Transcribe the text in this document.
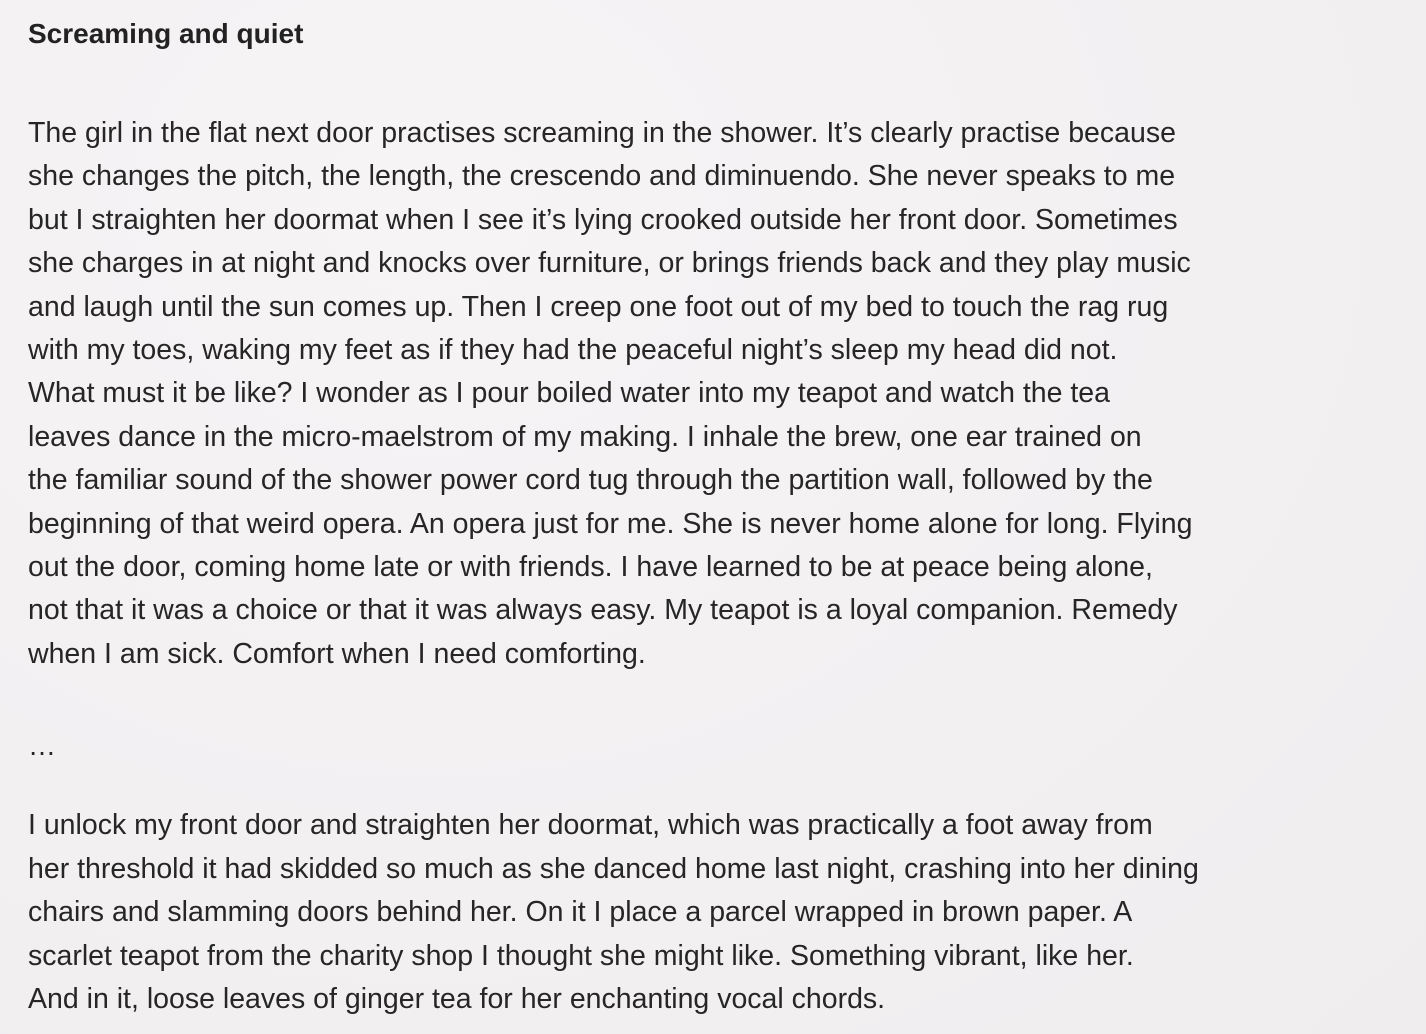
Screaming and quiet

The girl in the flat next door practises screaming in the shower. It’s clearly practise because
she changes the pitch, the length, the crescendo and diminuendo. She never speaks to me
but I straighten her doormat when I see it’s lying crooked outside her front door. Sometimes
she charges in at night and knocks over furniture, or brings friends back and they play music
and laugh until the sun comes up. Then I creep one foot out of my bed to touch the rag rug
with my toes, waking my feet as if they had the peaceful night’s sleep my head did not.
What must it be like? I wonder as I pour boiled water into my teapot and watch the tea
leaves dance in the micro-maelstrom of my making. I inhale the brew, one ear trained on
the familiar sound of the shower power cord tug through the partition wall, followed by the
beginning of that weird opera. An opera just for me. She is never home alone for long. Flying
out the door, coming home late or with friends. I have learned to be at peace being alone,
not that it was a choice or that it was always easy. My teapot is a loyal companion. Remedy
when I am sick. Comfort when I need comforting.

…

I unlock my front door and straighten her doormat, which was practically a foot away from
her threshold it had skidded so much as she danced home last night, crashing into her dining
chairs and slamming doors behind her. On it I place a parcel wrapped in brown paper. A
scarlet teapot from the charity shop I thought she might like. Something vibrant, like her.
And in it, loose leaves of ginger tea for her enchanting vocal chords.
